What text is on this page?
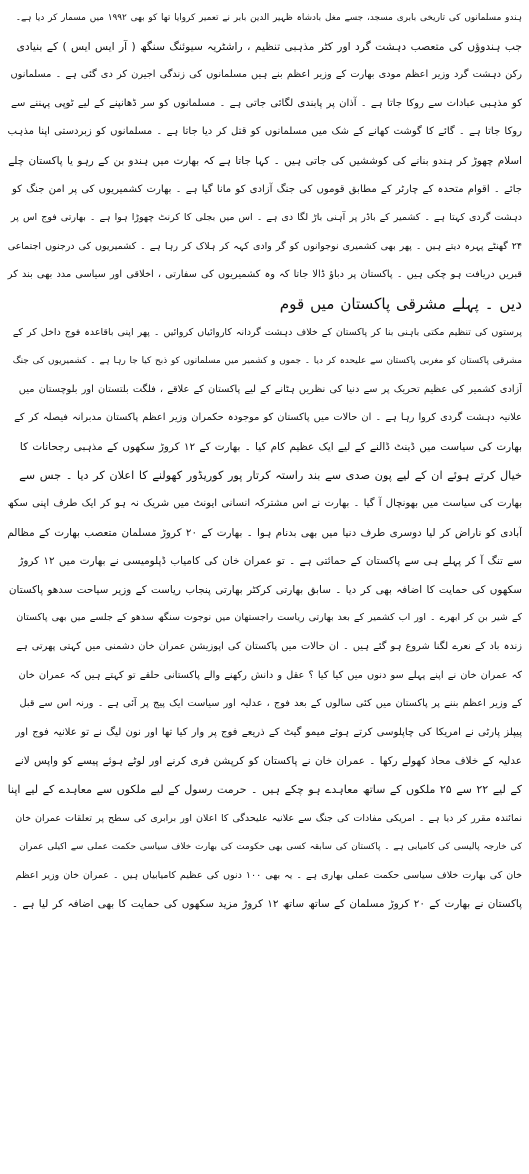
ہندو مسلمانوں کی تاریخی بابری مسجد، جسے مغل بادشاہ ظہیر الدین بابر نے تعمیر کروایا تھا کو بھی ۱۹۹۲ میں مسمار کر دیا ہے۔
جب ہندوؤں کی متعصب دہشت گرد اور کٹر مذہبی تنظیم ، راشٹریہ سیوئنگ سنگھ ( آر ایس ایس ) کے بنیادی
رکن دہشت گرد وزیر اعظم مودی بھارت کے وزیر اعظم بنے ہیں مسلمانوں کی زندگی اجیرن کر دی گئی ہے ۔ مسلمانوں
کو مذہبی عبادات سے روکا جاتا ہے ۔ آذان پر پابندی لگائی جاتی ہے ۔ مسلمانوں کو سر ڈھانپنے کے لیے ٹوپی پہننے سے
روکا جاتا ہے ۔ گائے کا گوشت کھانے کے شک میں مسلمانوں کو قتل کر دیا جاتا ہے ۔ مسلمانوں کو زبردستی اپنا مذہب
اسلام چھوڑ کر ہندو بنانے کی کوششیں کی جاتی ہیں ۔ کہا جاتا ہے کہ بھارت میں ہندو بن کے رہو یا پاکستان چلے
جائے ۔ اقوام متحدہ کے چارٹر کے مطابق قوموں کی جنگ آزادی کو مانا گیا ہے ۔ بھارت کشمیریوں کی پر امن جنگ کو
دہشت گردی کہتا ہے ۔ کشمیر کے باڈر پر آہنی باڑ لگا دی ہے ۔ اس میں بجلی کا کرنٹ چھوڑا ہوا ہے ۔ بھارتی فوج اس پر
۲۴ گھنٹے پہرہ دیتے ہیں ۔ پھر بھی کشمیری نوجوانوں کو گر وادی کہہ کر ہلاک کر رہا ہے ۔ کشمیریوں کی درجنوں اجتماعی
قبریں دریافت ہو چکی ہیں ۔ پاکستان پر دباؤ ڈالا جاتا کہ وہ کشمیریوں کی سفارتی ، اخلاقی اور سیاسی مدد بھی بند کر
دیں ۔ پہلے مشرقی پاکستان میں قوم
پرستوں کی تنظیم مکتی باہنی بنا کر پاکستان کے خلاف دہشت گردانہ کاروائیاں کروائیں ۔ پھر اپنی باقاعدہ فوج داخل کر کے
مشرقی پاکستان کو مغربی پاکستان سے علیحدہ کر دیا ۔ جموں و کشمیر میں مسلمانوں کو ذبح کیا جا رہا ہے ۔ کشمیریوں کی جنگ
آزادی کشمیر کی عظیم تحریک پر سے دنیا کی نظریں ہٹانے کے لیے پاکستان کے علاقے ، فلگت بلتستان اور بلوچستان میں
علانیہ دہشت گردی کروا رہا ہے ۔ ان حالات میں پاکستان کو موجودہ حکمران وزیر اعظم پاکستان مدبرانہ فیصلہ کر کے
بھارت کی سیاست میں ڈینٹ ڈالنے کے لیے ایک عظیم کام کیا ۔ بھارت کے ۱۲ کروڑ سکھوں کے مذہبی رجحانات کا
خیال کرتے ہوئے ان کے لیے پون صدی سے بند راستہ کرتار پور کوریڈور کھولنے کا اعلان کر دیا ۔ جس سے
بھارت کی سیاست میں بھونچال آ گیا ۔ بھارت نے اس مشترکہ انسانی ایونٹ میں شریک نہ ہو کر ایک طرف اپنی سکھ
آبادی کو ناراض کر لیا دوسری طرف دنیا میں بھی بدنام ہوا ۔ بھارت کے ۲۰ کروڑ مسلمان متعصب بھارت کے مظالم
سے تنگ آ کر پہلے ہی سے پاکستان کے حمائتی ہے ۔ تو عمران خان کی کامیاب ڈپلومیسی نے بھارت میں ۱۲ کروڑ
سکھوں کی حمایت کا اضافہ بھی کر دیا ۔ سابق بھارتی کرکٹر بھارتی پنجاب ریاست کے وزیر سیاحت سدھو پاکستان
کے شیر بن کر ابھرے ۔ اور اب کشمیر کے بعد بھارتی ریاست راجستھان میں نوجوت سنگھ سدھو کے جلسے میں بھی پاکستان
زندہ باد کے نعرے لگنا شروع ہو گئے ہیں ۔ ان حالات میں پاکستان کی اپوزیشن عمران خان دشمنی میں کہتی پھرتی ہے
کہ عمران خان نے اپنے پہلے سو دنوں میں کیا کیا ؟ عقل و دانش رکھنے والے پاکستانی حلقے تو کہتے ہیں کہ عمران خان
کے وزیر اعظم بننے پر پاکستان میں کئی سالوں کے بعد فوج ، عدلیہ اور سیاست ایک پیج پر آئی ہے ۔ ورنہ اس سے قبل
پیپلز پارٹی نے امریکا کی چاپلوسی کرتے ہوئے میمو گیٹ کے ذریعے فوج پر وار کیا تھا اور نون لیگ نے تو علانیہ فوج اور
عدلیہ کے خلاف محاذ کھولے رکھا ۔ عمران خان نے پاکستان کو کرپشن فری کرنے اور لوٹے ہوئے پیسے کو واپس لانے
کے لیے ۲۲ سے ۲۵ ملکوں کے ساتھ معاہدے ہو چکے ہیں ۔ حرمت رسول کے لیے ملکوں سے معاہدے کے لیے اپنا
نمائندہ مقرر کر دیا ہے ۔ امریکی مفادات کی جنگ سے علانیہ علیحدگی کا اعلان اور برابری کی سطح پر تعلقات عمران خان
کی خارجہ پالیسی کی کامیابی ہے ۔ پاکستان کی سابقہ کسی بھی حکومت کی بھارت خلاف سیاسی حکمت عملی سے اکیلی عمران
خان کی بھارت خلاف سیاسی حکمت عملی بھاری ہے ۔ یہ بھی ۱۰۰ دنوں کی عظیم کامیابیاں ہیں ۔ عمران خان وزیر اعظم
پاکستان نے بھارت کے ۲۰ کروڑ مسلمان کے ساتھ ساتھ ۱۲ کروڑ مزید سکھوں کی حمایت کا بھی اضافہ کر لیا ہے ۔
